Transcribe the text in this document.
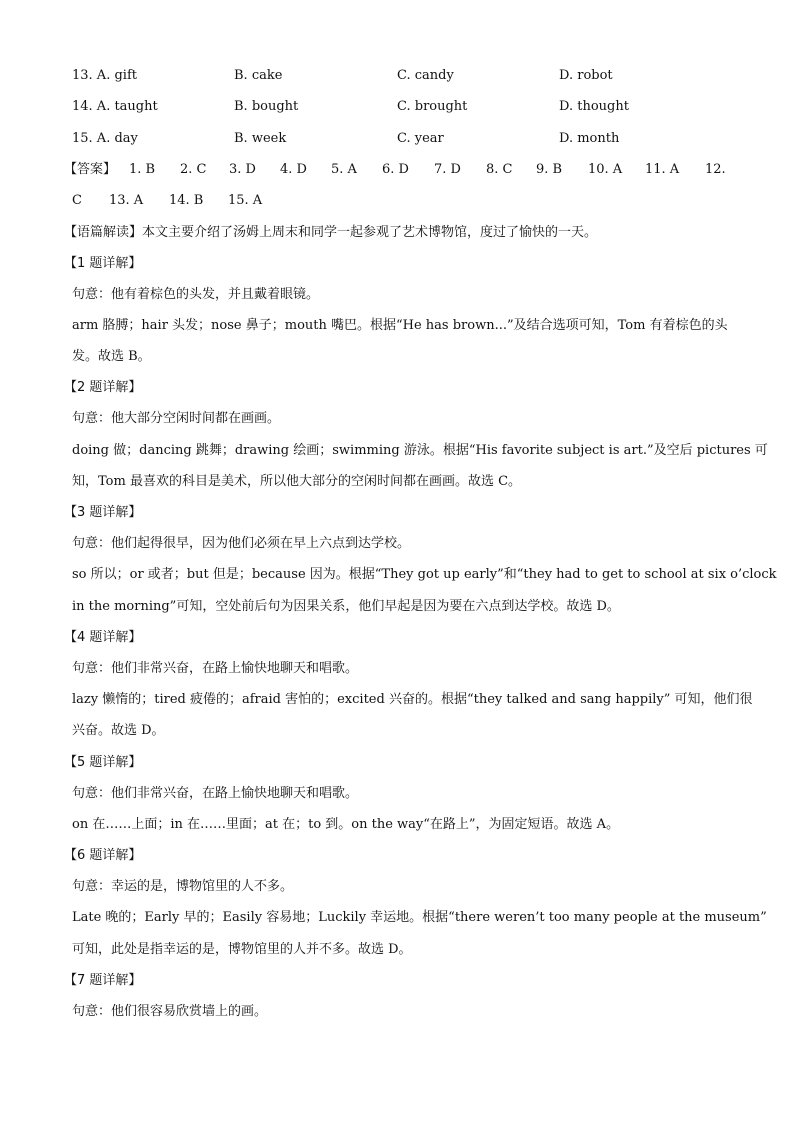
13. A. gift	B. cake	C. candy	D. robot
14. A. taught	B. bought	C. brought	D. thought
15. A. day	B. week	C. year	D. month
【答案】 1. B 2. C 3. D 4. D 5. A 6. D 7. D 8. C 9. B 10. A 11. A 12.
C 13. A 14. B 15. A
【语篇解读】本文主要介绍了汤姆上周末和同学一起参观了艺术博物馆，度过了愉快的一天。
【1 题详解】
句意：他有着棕色的头发，并且戴着眼镜。
arm 胳膊；hair 头发；nose 鼻子；mouth 嘴巴。根据“He has brown...”及结合选项可知，Tom 有着棕色的头
发。故选 B。
【2 题详解】
句意：他大部分空闲时间都在画画。
doing 做；dancing 跳舞；drawing 绘画；swimming 游泳。根据“His favorite subject is art.”及空后 pictures 可
知，Tom 最喜欢的科目是美术，所以他大部分的空闲时间都在画画。故选 C。
【3 题详解】
句意：他们起得很早，因为他们必须在早上六点到达学校。
so 所以；or 或者；but 但是；because 因为。根据“They got up early”和“they had to get to school at six o’clock
in the morning”可知，空处前后句为因果关系，他们早起是因为要在六点到达学校。故选 D。
【4 题详解】
句意：他们非常兴奋，在路上愉快地聊天和唱歌。
lazy 懒惰的；tired 疲倦的；afraid 害怕的；excited 兴奋的。根据“they talked and sang happily” 可知，他们很
兴奋。故选 D。
【5 题详解】
句意：他们非常兴奋，在路上愉快地聊天和唱歌。
on 在……上面；in 在……里面；at 在；to 到。on the way“在路上”，为固定短语。故选 A。
【6 题详解】
句意：幸运的是，博物馆里的人不多。
Late 晚的；Early 早的；Easily 容易地；Luckily 幸运地。根据“there weren’t too many people at the museum”
可知，此处是指幸运的是，博物馆里的人并不多。故选 D。
【7 题详解】
句意：他们很容易欣赏墙上的画。
